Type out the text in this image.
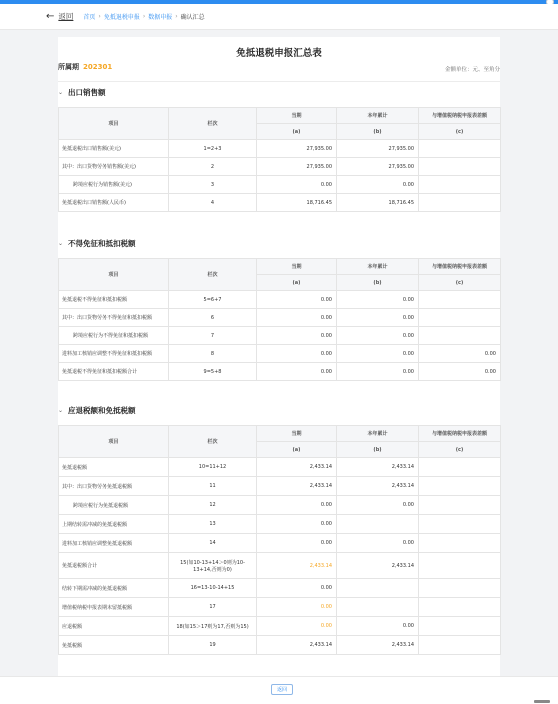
← 返回 首页 › 免抵退税申报 › 数据申报 › 确认汇总
免抵退税申报汇总表
所属期 202301	金额单位：元、至角分
⌄ 出口销售额
项目	栏次	当期	本年累计	与增值税纳税申报表差额
		(a)	(b)	(c)
免抵退税出口销售额(美元)	1=2+3	27,935.00	27,935.00	
其中：出口货物劳务销售额(美元)	2	27,935.00	27,935.00	
跨境应税行为销售额(美元)	3	0.00	0.00	
免抵退税出口销售额(人民币)	4	18,716.45	18,716.45	
⌄ 不得免征和抵扣税额
项目	栏次	当期	本年累计	与增值税纳税申报表差额
		(a)	(b)	(c)
免抵退税不得免征和抵扣税额	5=6+7	0.00	0.00	
其中：出口货物劳务不得免征和抵扣税额	6	0.00	0.00	
跨境应税行为不得免征和抵扣税额	7	0.00	0.00	
进料加工核销应调整不得免征和抵扣税额	8	0.00	0.00	0.00
免抵退税不得免征和抵扣税额合计	9=5+8	0.00	0.00	0.00
⌄ 应退税额和免抵税额
项目	栏次	当期	本年累计	与增值税纳税申报表差额
		(a)	(b)	(c)
免抵退税额	10=11+12	2,433.14	2,433.14	
其中：出口货物劳务免抵退税额	11	2,433.14	2,433.14	
跨境应税行为免抵退税额	12	0.00	0.00	
上期结转需冲减的免抵退税额	13	0.00		
进料加工核销应调整免抵退税额	14	0.00	0.00	
免抵退税额合计	15(如10-13+14＞0则为10-13+14,否则为0)	2,433.14	2,433.14	
结转下期需冲减的免抵退税额	16=13-10-14+15	0.00		
增值税纳税申报表期末留抵税额	17	0.00		
应退税额	18(如15＞17则为17,否则为15)	0.00	0.00	
免抵税额	19	2,433.14	2,433.14	
返回
